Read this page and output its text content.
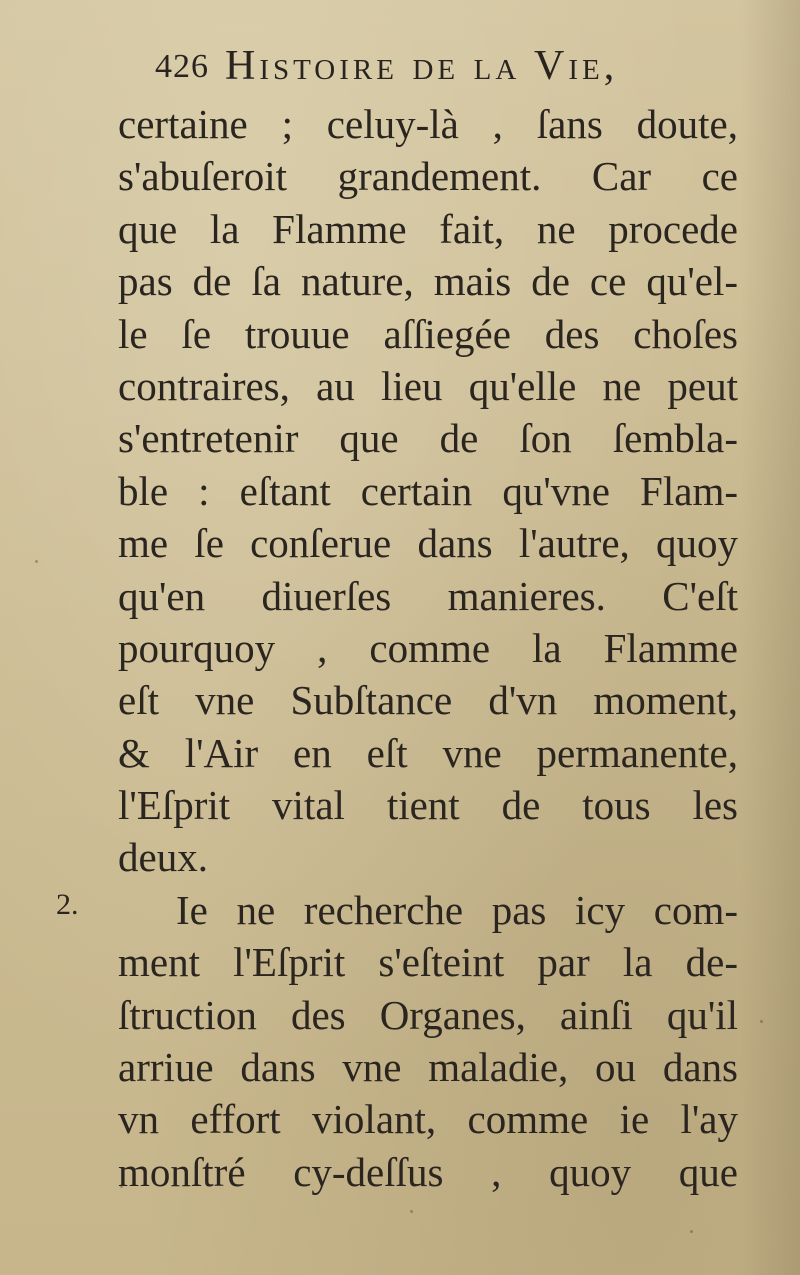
426 Histoire de la Vie,
2.
certaine ; celuy-là , ſans doute,
s'abuſeroit grandement. Car ce
que la Flamme fait, ne procede
pas de ſa nature, mais de ce qu'el-
le ſe trouue aſſiegée des choſes
contraires, au lieu qu'elle ne peut
s'entretenir que de ſon ſembla-
ble : eſtant certain qu'vne Flam-
me ſe conſerue dans l'autre, quoy
qu'en diuerſes manieres. C'eſt
pourquoy , comme la Flamme
eſt vne Subſtance d'vn moment,
& l'Air en eſt vne permanente,
l'Eſprit vital tient de tous les
deux.
Ie ne recherche pas icy com-
ment l'Eſprit s'eſteint par la de-
ſtruction des Organes, ainſi qu'il
arriue dans vne maladie, ou dans
vn effort violant, comme ie l'ay
monſtré cy-deſſus , quoy que
